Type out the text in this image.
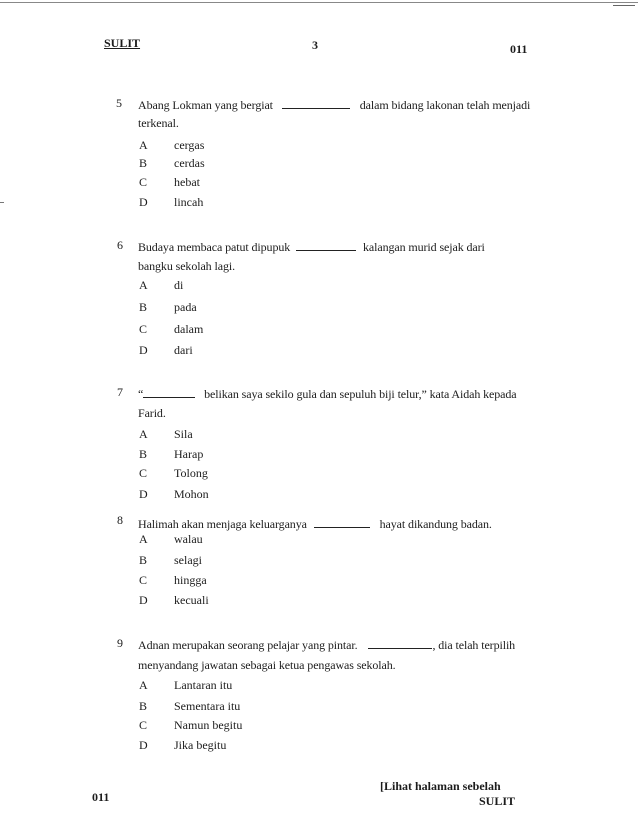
SULIT	3	011
5 Abang Lokman yang bergiat	dalam bidang lakonan telah menjadi
terkenal.
A cergas
B cerdas
C hebat
D lincah
6 Budaya membaca patut dipupuk	kalangan murid sejak dari
bangku sekolah lagi.
A di
B pada
C dalam
D dari
7 “	belikan saya sekilo gula dan sepuluh biji telur,” kata Aidah kepada
Farid.
A Sila
B Harap
C Tolong
D Mohon
8 Halimah akan menjaga keluarganya	hayat dikandung badan.
A walau
B selagi
C hingga
D kecuali
9 Adnan merupakan seorang pelajar yang pintar.	, dia telah terpilih
menyandang jawatan sebagai ketua pengawas sekolah.
A Lantaran itu
B Sementara itu
C Namun begitu
D Jika begitu
011
[Lihat halaman sebelah
SULIT
